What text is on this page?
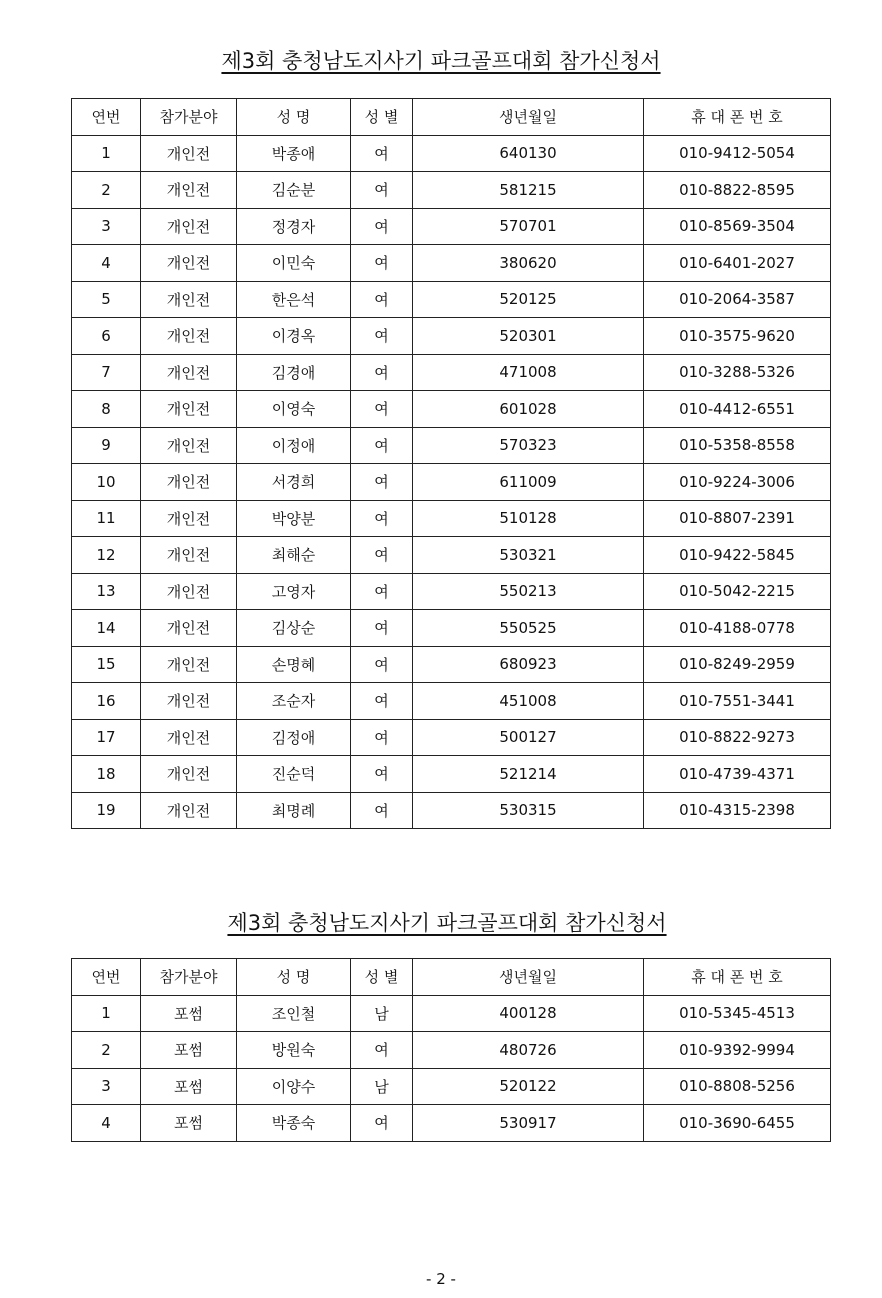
제3회 충청남도지사기 파크골프대회 참가신청서
연번	참가분야	성 명	성 별	생년월일	휴 대 폰 번 호
1	개인전	박종애	여	640130	010-9412-5054
2	개인전	김순분	여	581215	010-8822-8595
3	개인전	정경자	여	570701	010-8569-3504
4	개인전	이민숙	여	380620	010-6401-2027
5	개인전	한은석	여	520125	010-2064-3587
6	개인전	이경옥	여	520301	010-3575-9620
7	개인전	김경애	여	471008	010-3288-5326
8	개인전	이영숙	여	601028	010-4412-6551
9	개인전	이정애	여	570323	010-5358-8558
10	개인전	서경희	여	611009	010-9224-3006
11	개인전	박양분	여	510128	010-8807-2391
12	개인전	최해순	여	530321	010-9422-5845
13	개인전	고영자	여	550213	010-5042-2215
14	개인전	김상순	여	550525	010-4188-0778
15	개인전	손명혜	여	680923	010-8249-2959
16	개인전	조순자	여	451008	010-7551-3441
17	개인전	김정애	여	500127	010-8822-9273
18	개인전	진순덕	여	521214	010-4739-4371
19	개인전	최명례	여	530315	010-4315-2398
제3회 충청남도지사기 파크골프대회 참가신청서
연번	참가분야	성 명	성 별	생년월일	휴 대 폰 번 호
1	포썸	조인철	남	400128	010-5345-4513
2	포썸	방원숙	여	480726	010-9392-9994
3	포썸	이양수	남	520122	010-8808-5256
4	포썸	박종숙	여	530917	010-3690-6455
- 2 -
